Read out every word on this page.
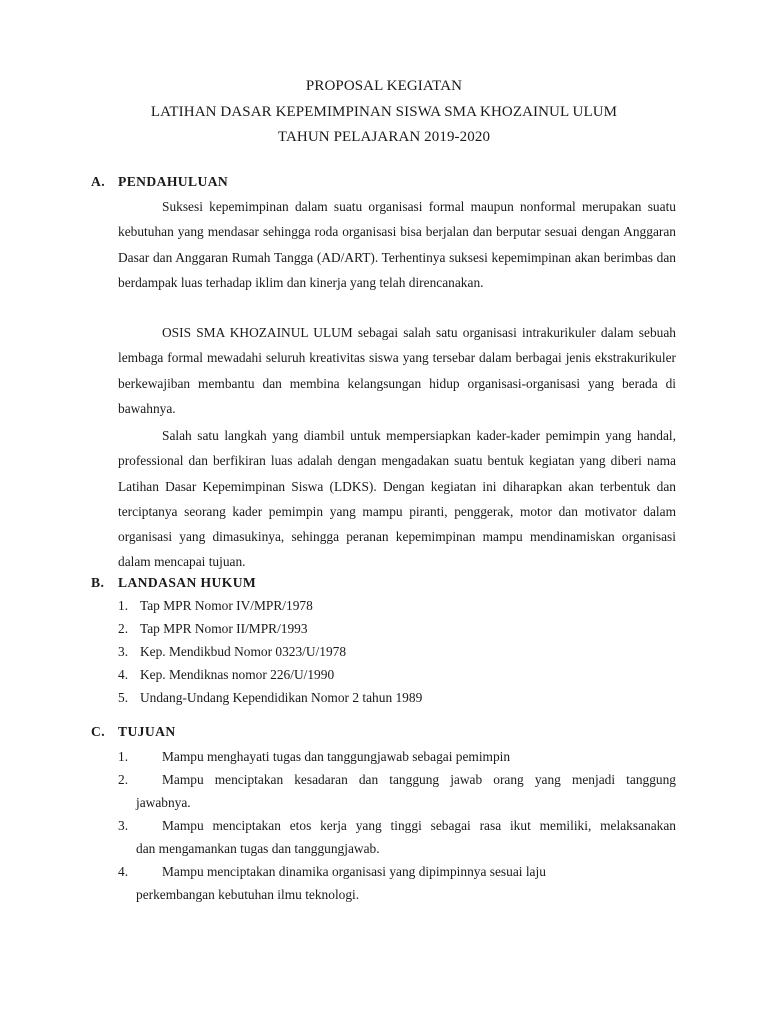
PROPOSAL KEGIATAN
LATIHAN DASAR KEPEMIMPINAN SISWA SMA KHOZAINUL ULUM
TAHUN PELAJARAN 2019-2020
A. PENDAHULUAN
Suksesi kepemimpinan dalam suatu organisasi formal maupun nonformal merupakan suatu kebutuhan yang mendasar sehingga roda organisasi bisa berjalan dan berputar sesuai dengan Anggaran Dasar dan Anggaran Rumah Tangga (AD/ART). Terhentinya suksesi kepemimpinan akan berimbas dan berdampak luas terhadap iklim dan kinerja yang telah direncanakan.
OSIS SMA KHOZAINUL ULUM sebagai salah satu organisasi intrakurikuler dalam sebuah lembaga formal mewadahi seluruh kreativitas siswa yang tersebar dalam berbagai jenis ekstrakurikuler berkewajiban membantu dan membina kelangsungan hidup organisasi-organisasi yang berada di bawahnya.
Salah satu langkah yang diambil untuk mempersiapkan kader-kader pemimpin yang handal, professional dan berfikiran luas adalah dengan mengadakan suatu bentuk kegiatan yang diberi nama Latihan Dasar Kepemimpinan Siswa (LDKS). Dengan kegiatan ini diharapkan akan terbentuk dan terciptanya seorang kader pemimpin yang mampu piranti, penggerak, motor dan motivator dalam organisasi yang dimasukinya, sehingga peranan kepemimpinan mampu mendinamiskan organisasi dalam mencapai tujuan.
B. LANDASAN HUKUM
1. Tap MPR Nomor IV/MPR/1978
2. Tap MPR Nomor II/MPR/1993
3. Kep. Mendikbud Nomor 0323/U/1978
4. Kep. Mendiknas nomor 226/U/1990
5. Undang-Undang Kependidikan Nomor 2 tahun 1989
C. TUJUAN
1.	Mampu menghayati tugas dan tanggungjawab sebagai pemimpin
2.	Mampu menciptakan kesadaran dan tanggung jawab orang yang menjadi tanggung
jawabnya.
3.	Mampu menciptakan etos kerja yang tinggi sebagai rasa ikut memiliki, melaksanakan
dan mengamankan tugas dan tanggungjawab.
4.	Mampu menciptakan dinamika organisasi yang dipimpinnya sesuai laju
perkembangan kebutuhan ilmu teknologi.
